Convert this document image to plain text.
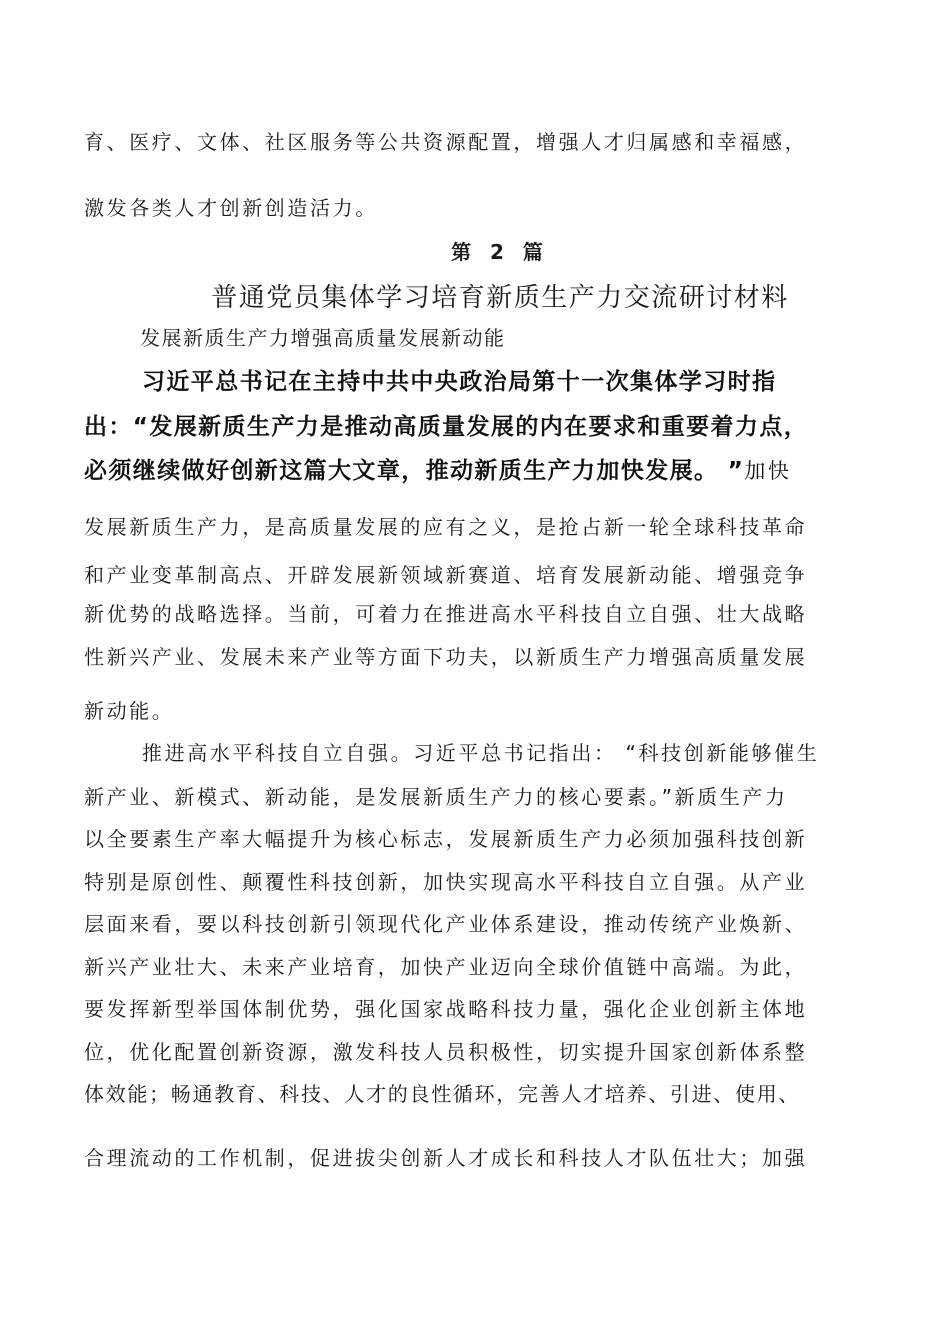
育、医疗、文体、社区服务等公共资源配置，增强人才归属感和幸福感，
激发各类人才创新创造活力。
第 2 篇
普通党员集体学习培育新质生产力交流研讨材料
发展新质生产力增强高质量发展新动能
习近平总书记在主持中共中央政治局第十一次集体学习时指
出：“发展新质生产力是推动高质量发展的内在要求和重要着力点，
必须继续做好创新这篇大文章，推动新质生产力加快发展。 ”加快
发展新质生产力，是高质量发展的应有之义，是抢占新一轮全球科技革命
和产业变革制高点、开辟发展新领域新赛道、培育发展新动能、增强竞争
新优势的战略选择。当前，可着力在推进高水平科技自立自强、壮大战略
性新兴产业、发展未来产业等方面下功夫，以新质生产力增强高质量发展
新动能。
推进高水平科技自立自强。习近平总书记指出： “科技创新能够催生
新产业、新模式、新动能，是发展新质生产力的核心要素。”新质生产力
以全要素生产率大幅提升为核心标志，发展新质生产力必须加强科技创新
特别是原创性、颠覆性科技创新，加快实现高水平科技自立自强。从产业
层面来看，要以科技创新引领现代化产业体系建设，推动传统产业焕新、
新兴产业壮大、未来产业培育，加快产业迈向全球价值链中高端。为此，
要发挥新型举国体制优势，强化国家战略科技力量，强化企业创新主体地
位，优化配置创新资源，激发科技人员积极性，切实提升国家创新体系整
体效能；畅通教育、科技、人才的良性循环，完善人才培养、引进、使用、
合理流动的工作机制，促进拔尖创新人才成长和科技人才队伍壮大；加强
